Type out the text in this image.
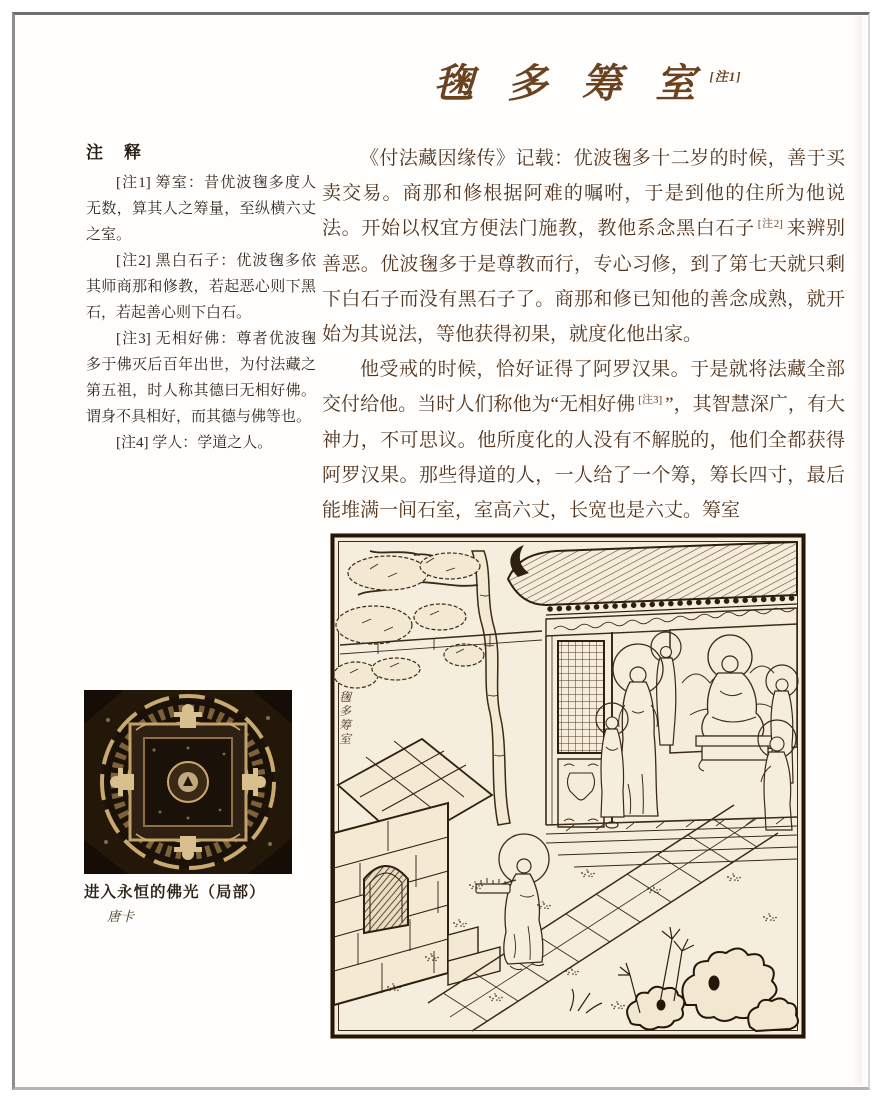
毱 多 筹 室 [注1]
注　释

[注1] 筹室：昔优波毱多度人无数，算其人之筹量，至纵横六丈之室。

[注2] 黑白石子：优波毱多依其师商那和修教，若起恶心则下黑石，若起善心则下白石。

[注3] 无相好佛：尊者优波毱多于佛灭后百年出世，为付法藏之第五祖，时人称其德曰无相好佛。谓身不具相好，而其德与佛等也。

[注4] 学人：学道之人。

《付法藏因缘传》记载：优波毱多十二岁的时候，善于买卖交易。商那和修根据阿难的嘱咐，于是到他的住所为他说法。开始以权宜方便法门施教，教他系念黑白石子 [注2] 来辨别善恶。优波毱多于是尊教而行，专心习修，到了第七天就只剩下白石子而没有黑石子了。商那和修已知他的善念成熟，就开始为其说法，等他获得初果，就度化他出家。

他受戒的时候，恰好证得了阿罗汉果。于是就将法藏全部交付给他。当时人们称他为“无相好佛 [注3] ”，其智慧深广，有大神力，不可思议。他所度化的人没有不解脱的，他们全都获得阿罗汉果。那些得道的人，一人给了一个筹，筹长四寸，最后能堆满一间石室，室高六丈，长宽也是六丈。筹室

毱
多
筹
室
进入永恒的佛光（局部）
唐卡
